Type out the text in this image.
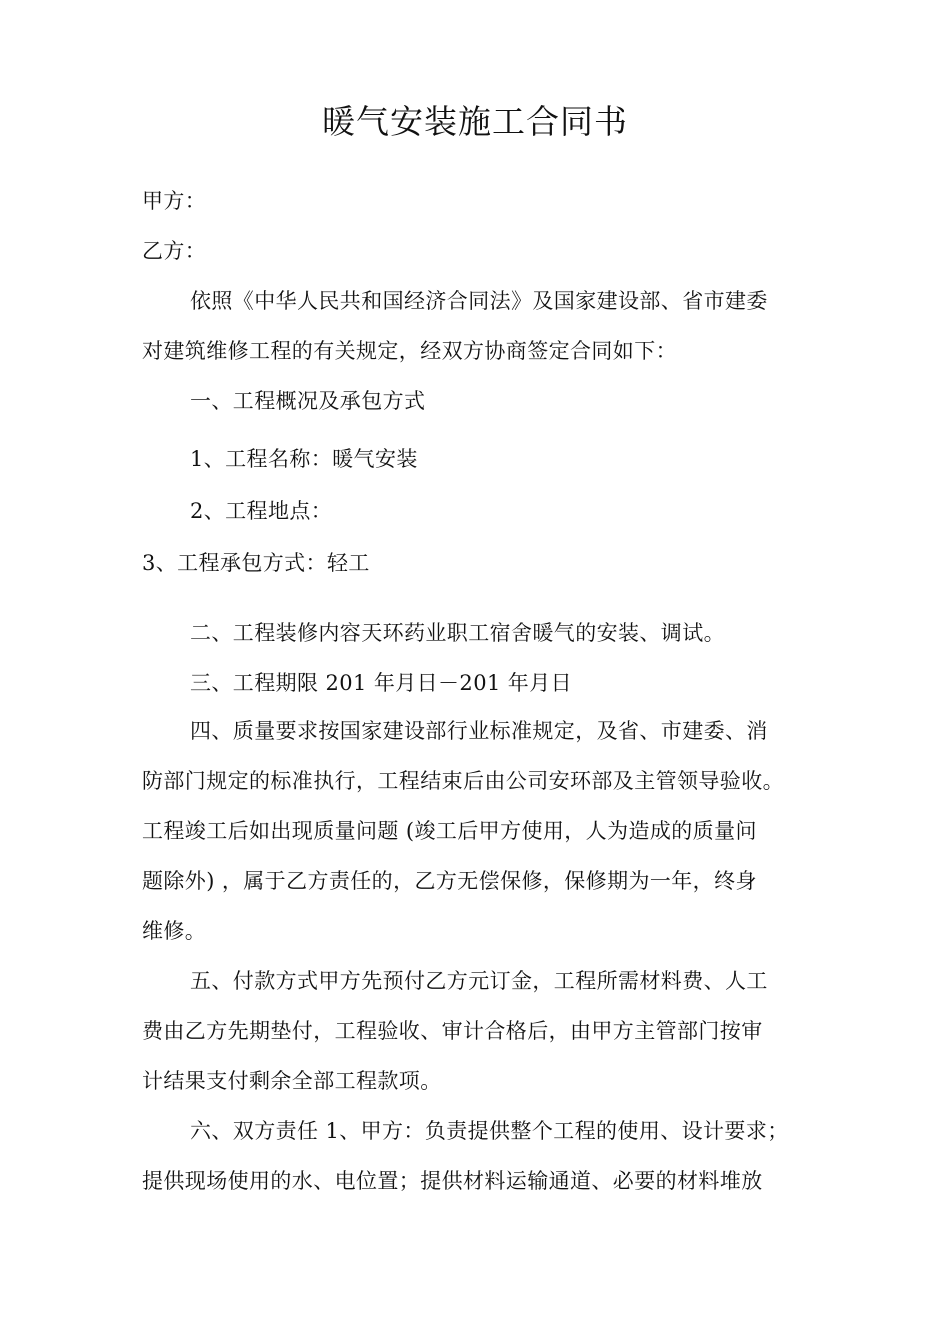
暖气安装施工合同书
甲方：
乙方：
依照《中华人民共和国经济合同法》及国家建设部、省市建委
对建筑维修工程的有关规定，经双方协商签定合同如下：
一、工程概况及承包方式
1、工程名称：暖气安装
2、工程地点：
3、工程承包方式：轻工
二、工程装修内容天环药业职工宿舍暖气的安装、调试。
三、工程期限 201 年月日－201 年月日
四、质量要求按国家建设部行业标准规定，及省、市建委、消
防部门规定的标准执行，工程结束后由公司安环部及主管领导验收。
工程竣工后如出现质量问题 (竣工后甲方使用，人为造成的质量问
题除外) ，属于乙方责任的，乙方无偿保修，保修期为一年，终身
维修。
五、付款方式甲方先预付乙方元订金，工程所需材料费、人工
费由乙方先期垫付，工程验收、审计合格后，由甲方主管部门按审
计结果支付剩余全部工程款项。
六、双方责任 1、甲方：负责提供整个工程的使用、设计要求；
提供现场使用的水、电位置；提供材料运输通道、必要的材料堆放
